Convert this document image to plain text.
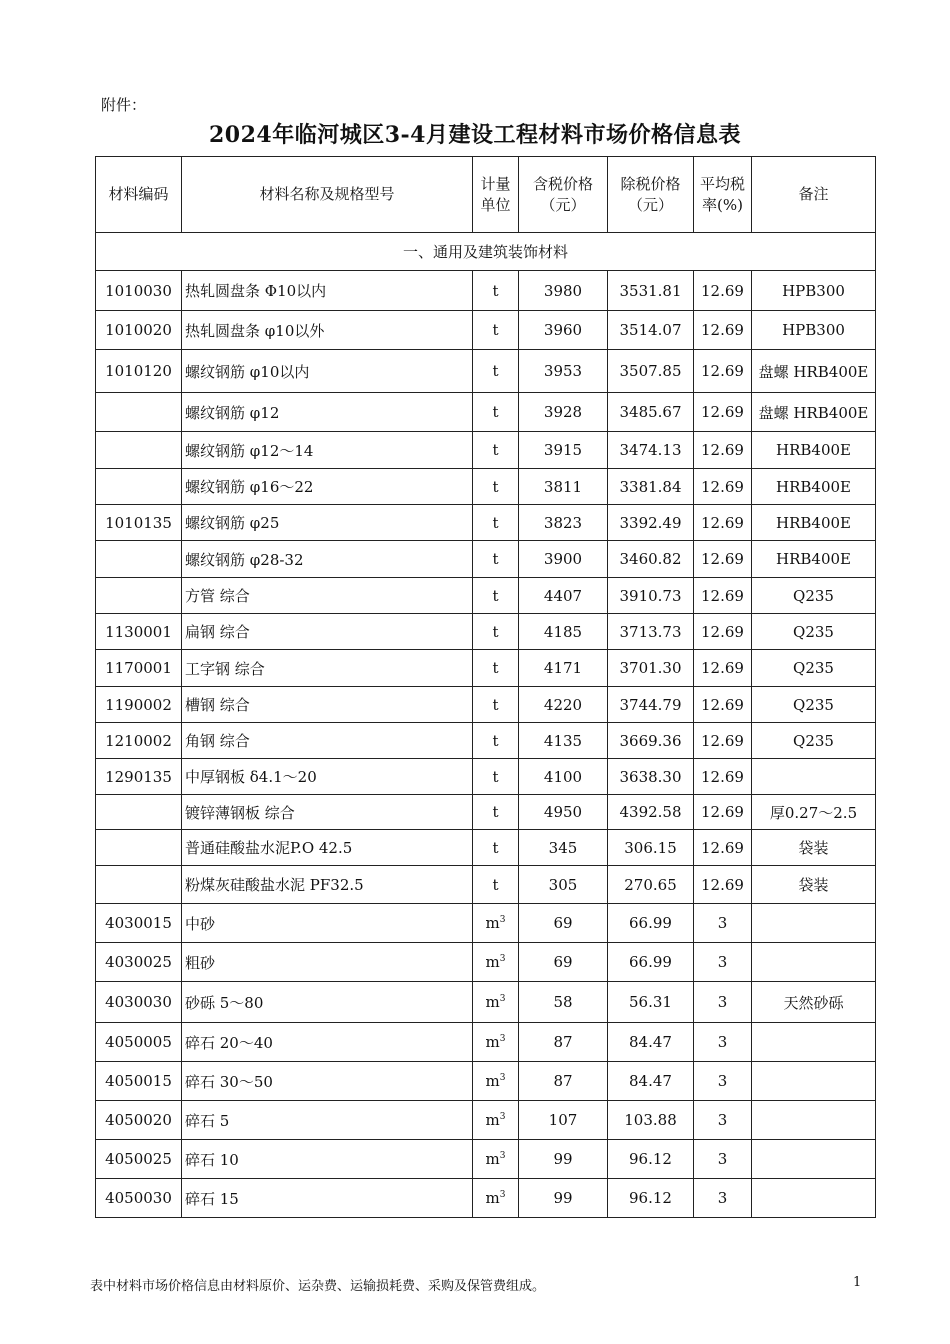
附件：
2024年临河城区3-4月建设工程材料市场价格信息表
材料编码	材料名称及规格型号	计量单位	含税价格（元）	除税价格（元）	平均税率(%)	备注
一、通用及建筑装饰材料						
1010030	热轧圆盘条 Φ10以内	t	3980	3531.81	12.69	HPB300
1010020	热轧圆盘条 φ10以外	t	3960	3514.07	12.69	HPB300
1010120	螺纹钢筋 φ10以内	t	3953	3507.85	12.69	盘螺 HRB400E
	螺纹钢筋 φ12	t	3928	3485.67	12.69	盘螺 HRB400E
	螺纹钢筋 φ12～14	t	3915	3474.13	12.69	HRB400E
	螺纹钢筋 φ16～22	t	3811	3381.84	12.69	HRB400E
1010135	螺纹钢筋 φ25	t	3823	3392.49	12.69	HRB400E
	螺纹钢筋 φ28-32	t	3900	3460.82	12.69	HRB400E
	方管 综合	t	4407	3910.73	12.69	Q235
1130001	扁钢 综合	t	4185	3713.73	12.69	Q235
1170001	工字钢 综合	t	4171	3701.30	12.69	Q235
1190002	槽钢 综合	t	4220	3744.79	12.69	Q235
1210002	角钢 综合	t	4135	3669.36	12.69	Q235
1290135	中厚钢板 δ4.1～20	t	4100	3638.30	12.69	
	镀锌薄钢板 综合	t	4950	4392.58	12.69	厚0.27～2.5
	普通硅酸盐水泥P.O 42.5	t	345	306.15	12.69	袋装
	粉煤灰硅酸盐水泥 PF32.5	t	305	270.65	12.69	袋装
4030015	中砂	$m^3$	69	66.99	3	
4030025	粗砂	$m^3$	69	66.99	3	
4030030	砂砾 5～80	$m^3$	58	56.31	3	天然砂砾
4050005	碎石 20～40	$m^3$	87	84.47	3	
4050015	碎石 30～50	$m^3$	87	84.47	3	
4050020	碎石 5	$m^3$	107	103.88	3	
4050025	碎石 10	$m^3$	99	96.12	3	
4050030	碎石 15	$m^3$	99	96.12	3	
表中材料市场价格信息由材料原价、运杂费、运输损耗费、采购及保管费组成。	1
